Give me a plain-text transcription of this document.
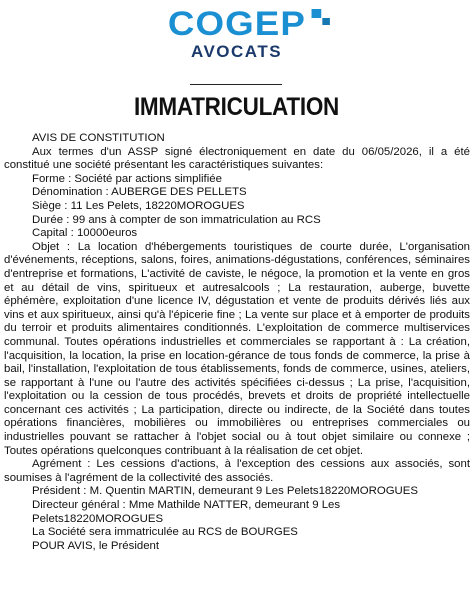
COGEP
AVOCATS
IMMATRICULATION

AVIS DE CONSTITUTION

Aux termes d'un ASSP signé électroniquement en date du 06/05/2026, il a été constitué une société présentant les caractéristiques suivantes:

Forme : Société par actions simplifiée

Dénomination : AUBERGE DES PELLETS

Siège : 11 Les Pelets, 18220MOROGUES

Durée : 99 ans à compter de son immatriculation au RCS

Capital : 10000euros

Objet : La location d'hébergements touristiques de courte durée, L'organisation d'événements, réceptions, salons, foires, animations-dégustations, conférences, séminaires d'entreprise et formations, L'activité de caviste, le négoce, la promotion et la vente en gros et au détail de vins, spiritueux et autresalcools ; La restauration, auberge, buvette éphémère, exploitation d'une licence IV, dégustation et vente de produits dérivés liés aux vins et aux spiritueux, ainsi qu'à l'épicerie fine ; La vente sur place et à emporter de produits du terroir et produits alimentaires conditionnés. L'exploitation de commerce multiservices communal. Toutes opérations industrielles et commerciales se rapportant à : La création, l'acquisition, la location, la prise en location-gérance de tous fonds de commerce, la prise à bail, l'installation, l'exploitation de tous établissements, fonds de commerce, usines, ateliers, se rapportant à l'une ou l'autre des activités spécifiées ci-dessus ; La prise, l'acquisition, l'exploitation ou la cession de tous procédés, brevets et droits de propriété intellectuelle concernant ces activités ; La participation, directe ou indirecte, de la Société dans toutes opérations financières, mobilières ou immobilières ou entreprises commerciales ou industrielles pouvant se rattacher à l'objet social ou à tout objet similaire ou connexe ; Toutes opérations quelconques contribuant à la réalisation de cet objet.

Agrément : Les cessions d'actions, à l'exception des cessions aux associés, sont soumises à l'agrément de la collectivité des associés.

Président : M. Quentin MARTIN, demeurant 9 Les Pelets18220MOROGUES

Directeur général : Mme Mathilde NATTER, demeurant 9 Les Pelets18220MOROGUES

La Société sera immatriculée au RCS de BOURGES

POUR AVIS, le Président
